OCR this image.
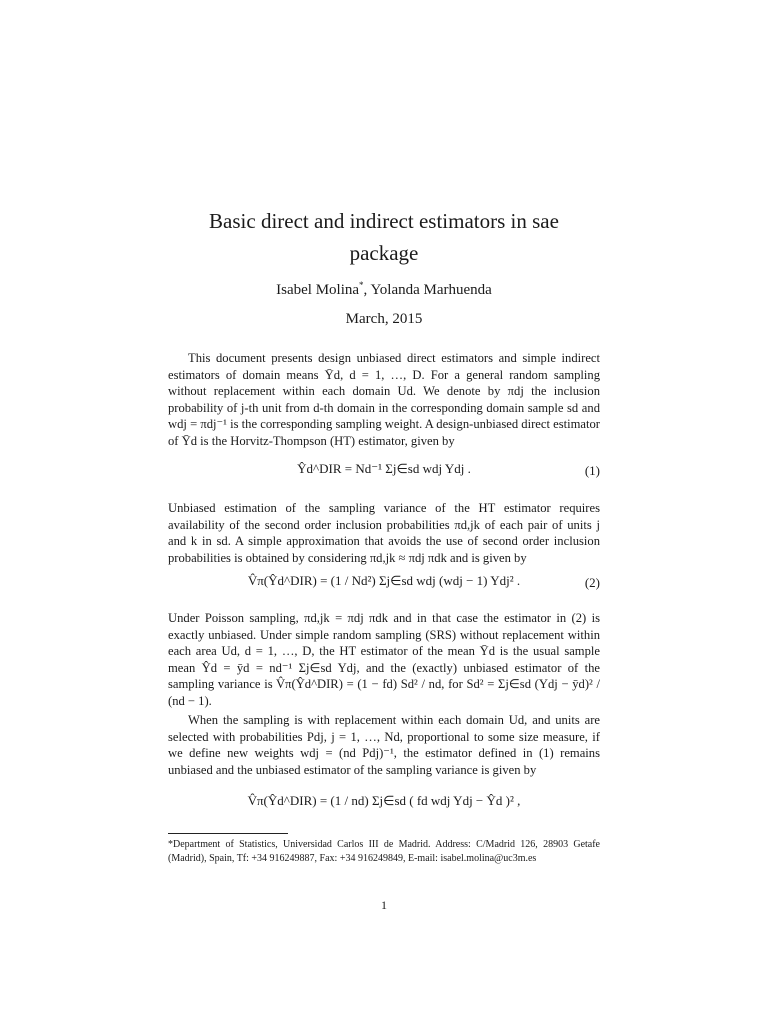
Basic direct and indirect estimators in sae
package
Isabel Molina*, Yolanda Marhuenda
March, 2015
This document presents design unbiased direct estimators and simple indirect estimators of domain means Ȳd, d = 1, …, D. For a general random sampling without replacement within each domain Ud. We denote by πdj the inclusion probability of j-th unit from d-th domain in the corresponding domain sample sd and wdj = πdj⁻¹ is the corresponding sampling weight. A design-unbiased direct estimator of Ȳd is the Horvitz-Thompson (HT) estimator, given by
Ŷd^DIR = Nd⁻¹ Σj∈sd wdj Ydj .	(1)
Unbiased estimation of the sampling variance of the HT estimator requires availability of the second order inclusion probabilities πd,jk of each pair of units j and k in sd. A simple approximation that avoids the use of second order inclusion probabilities is obtained by considering πd,jk ≈ πdj πdk and is given by
V̂π(Ŷd^DIR) = (1 / Nd²) Σj∈sd wdj (wdj − 1) Ydj² .	(2)
Under Poisson sampling, πd,jk = πdj πdk and in that case the estimator in (2) is exactly unbiased. Under simple random sampling (SRS) without replacement within each area Ud, d = 1, …, D, the HT estimator of the mean Ȳd is the usual sample mean Ŷd = ȳd = nd⁻¹ Σj∈sd Ydj, and the (exactly) unbiased estimator of the sampling variance is V̂π(Ŷd^DIR) = (1 − fd) Sd² / nd, for Sd² = Σj∈sd (Ydj − ȳd)² / (nd − 1).
When the sampling is with replacement within each domain Ud, and units are selected with probabilities Pdj, j = 1, …, Nd, proportional to some size measure, if we define new weights wdj = (nd Pdj)⁻¹, the estimator defined in (1) remains unbiased and the unbiased estimator of the sampling variance is given by
V̂π(Ŷd^DIR) = (1 / nd) Σj∈sd ( fd wdj Ydj − Ŷd )² ,
*Department of Statistics, Universidad Carlos III de Madrid. Address: C/Madrid 126, 28903 Getafe (Madrid), Spain, Tf: +34 916249887, Fax: +34 916249849, E-mail: isabel.molina@uc3m.es
1
